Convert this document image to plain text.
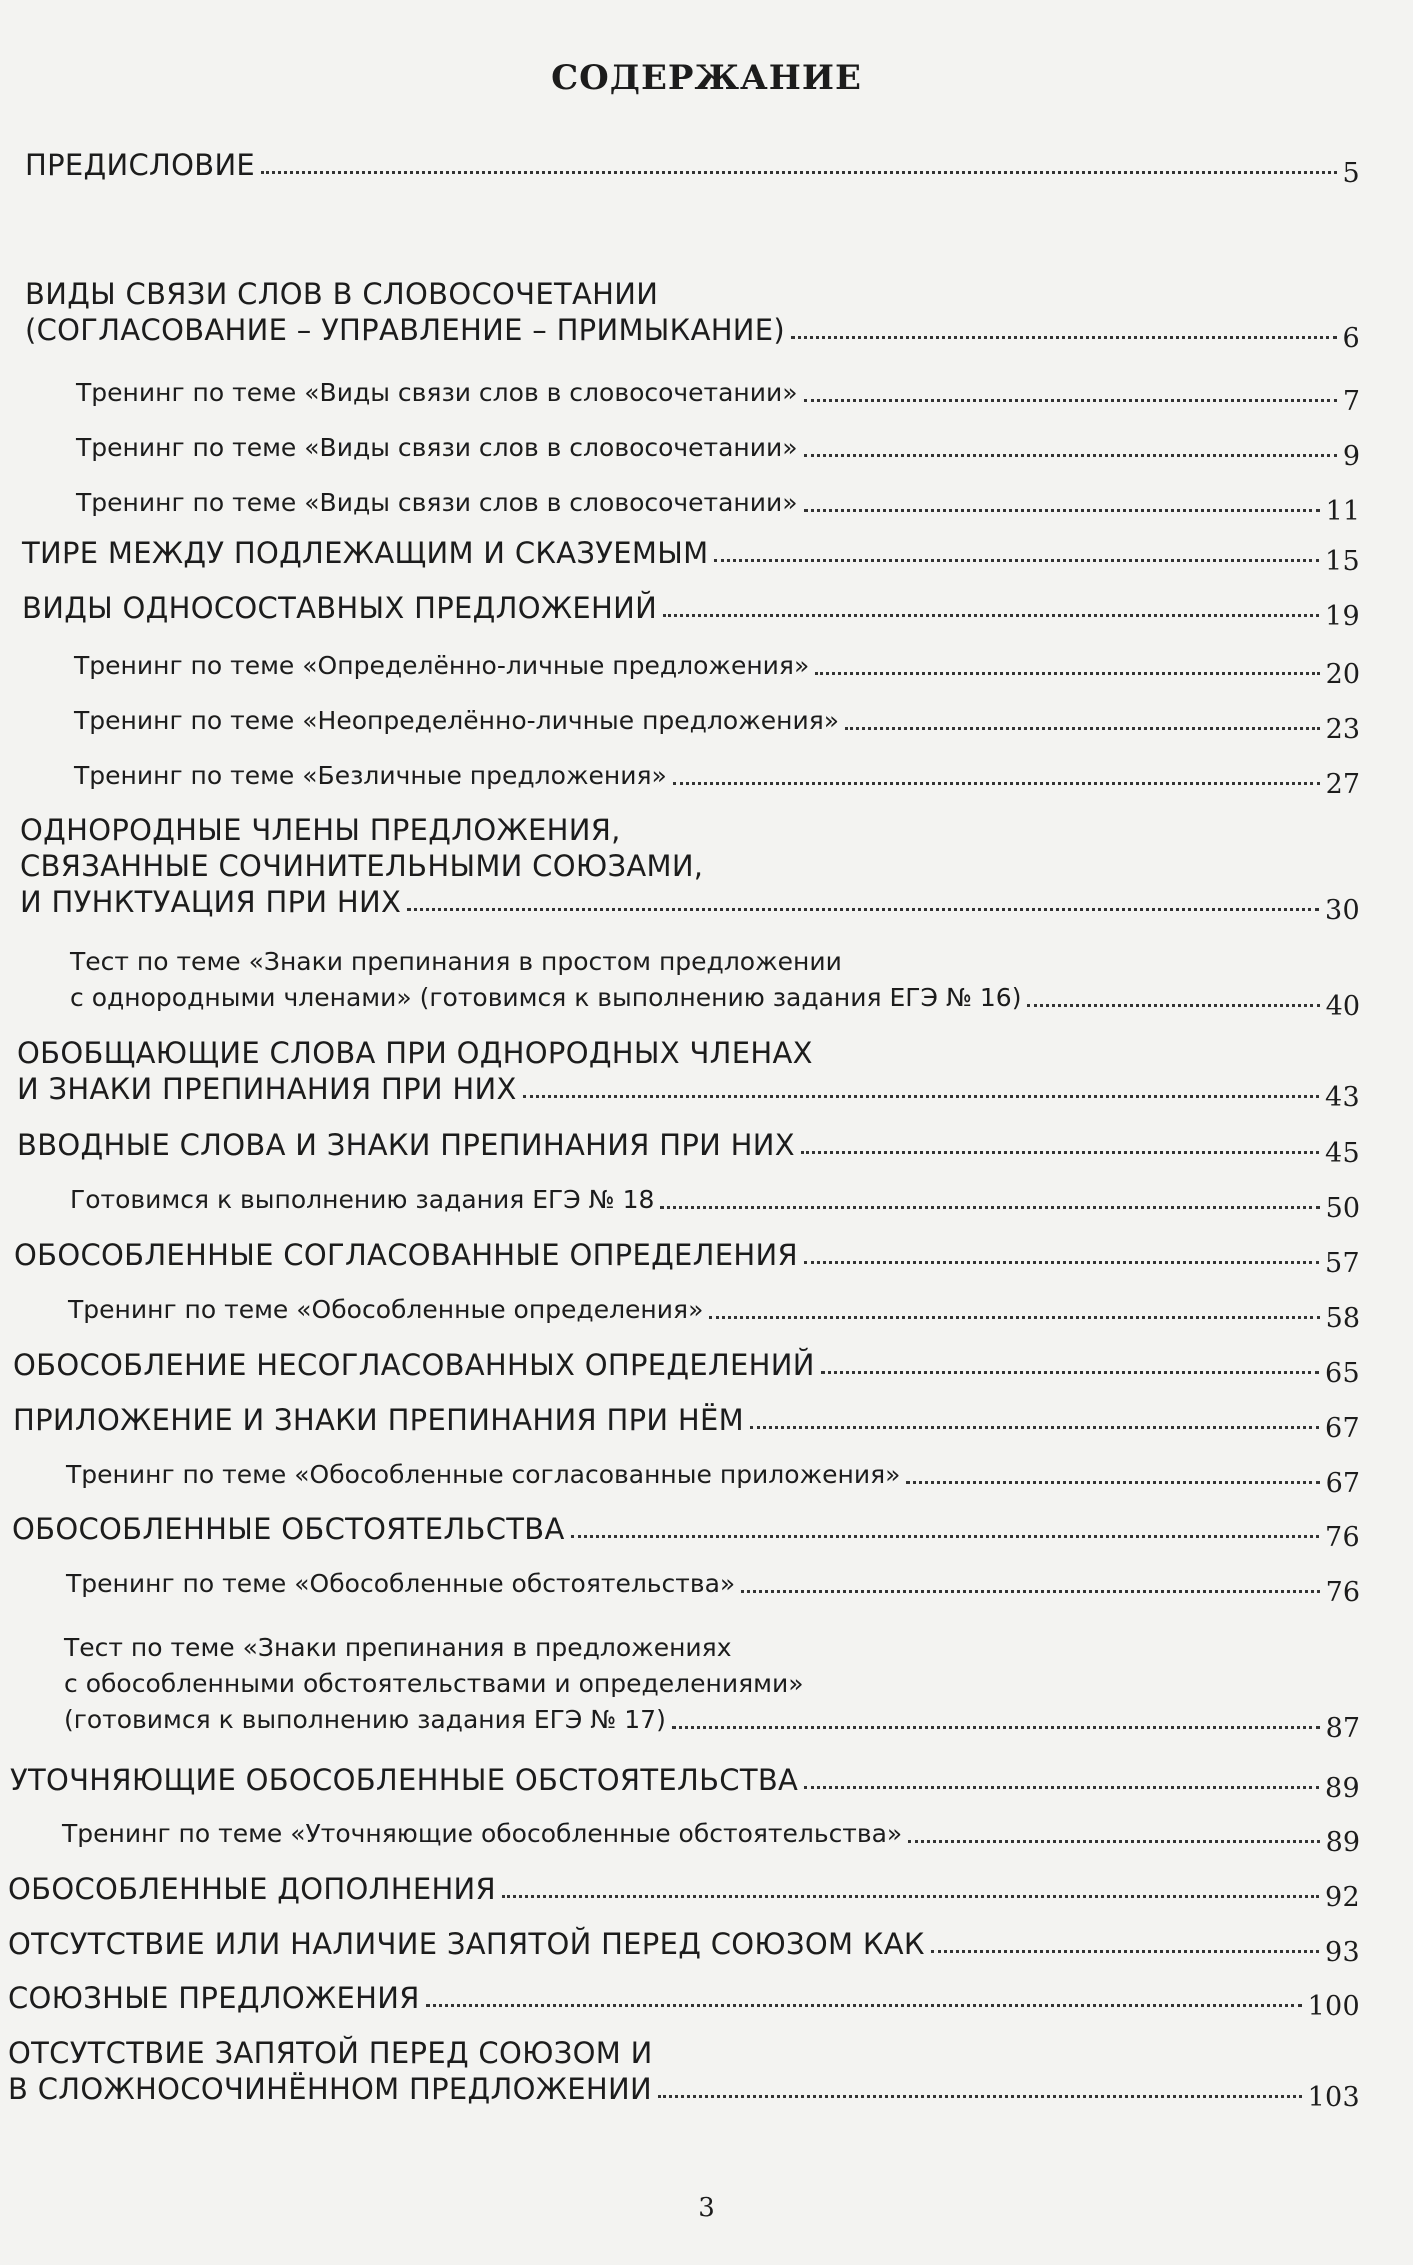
СОДЕРЖАНИЕ
ПРЕДИСЛОВИЕ	5
ВИДЫ СВЯЗИ СЛОВ В СЛОВОСОЧЕТАНИИ
(СОГЛАСОВАНИЕ – УПРАВЛЕНИЕ – ПРИМЫКАНИЕ)	6
Тренинг по теме «Виды связи слов в словосочетании»	7
Тренинг по теме «Виды связи слов в словосочетании»	9
Тренинг по теме «Виды связи слов в словосочетании»	11
ТИРЕ МЕЖДУ ПОДЛЕЖАЩИМ И СКАЗУЕМЫМ	15
ВИДЫ ОДНОСОСТАВНЫХ ПРЕДЛОЖЕНИЙ	19
Тренинг по теме «Определённо-личные предложения»	20
Тренинг по теме «Неопределённо-личные предложения»	23
Тренинг по теме «Безличные предложения»	27
ОДНОРОДНЫЕ ЧЛЕНЫ ПРЕДЛОЖЕНИЯ,
СВЯЗАННЫЕ СОЧИНИТЕЛЬНЫМИ СОЮЗАМИ,
И ПУНКТУАЦИЯ ПРИ НИХ	30
Тест по теме «Знаки препинания в простом предложении
с однородными членами» (готовимся к выполнению задания ЕГЭ № 16)	40
ОБОБЩАЮЩИЕ СЛОВА ПРИ ОДНОРОДНЫХ ЧЛЕНАХ
И ЗНАКИ ПРЕПИНАНИЯ ПРИ НИХ	43
ВВОДНЫЕ СЛОВА И ЗНАКИ ПРЕПИНАНИЯ ПРИ НИХ	45
Готовимся к выполнению задания ЕГЭ № 18	50
ОБОСОБЛЕННЫЕ СОГЛАСОВАННЫЕ ОПРЕДЕЛЕНИЯ	57
Тренинг по теме «Обособленные определения»	58
ОБОСОБЛЕНИЕ НЕСОГЛАСОВАННЫХ ОПРЕДЕЛЕНИЙ	65
ПРИЛОЖЕНИЕ И ЗНАКИ ПРЕПИНАНИЯ ПРИ НЁМ	67
Тренинг по теме «Обособленные согласованные приложения»	67
ОБОСОБЛЕННЫЕ ОБСТОЯТЕЛЬСТВА	76
Тренинг по теме «Обособленные обстоятельства»	76
Тест по теме «Знаки препинания в предложениях
с обособленными обстоятельствами и определениями»
(готовимся к выполнению задания ЕГЭ № 17)	87
УТОЧНЯЮЩИЕ ОБОСОБЛЕННЫЕ ОБСТОЯТЕЛЬСТВА	89
Тренинг по теме «Уточняющие обособленные обстоятельства»	89
ОБОСОБЛЕННЫЕ ДОПОЛНЕНИЯ	92
ОТСУТСТВИЕ ИЛИ НАЛИЧИЕ ЗАПЯТОЙ ПЕРЕД СОЮЗОМ КАК	93
СОЮЗНЫЕ ПРЕДЛОЖЕНИЯ	100
ОТСУТСТВИЕ ЗАПЯТОЙ ПЕРЕД СОЮЗОМ И
В СЛОЖНОСОЧИНЁННОМ ПРЕДЛОЖЕНИИ	103
3
